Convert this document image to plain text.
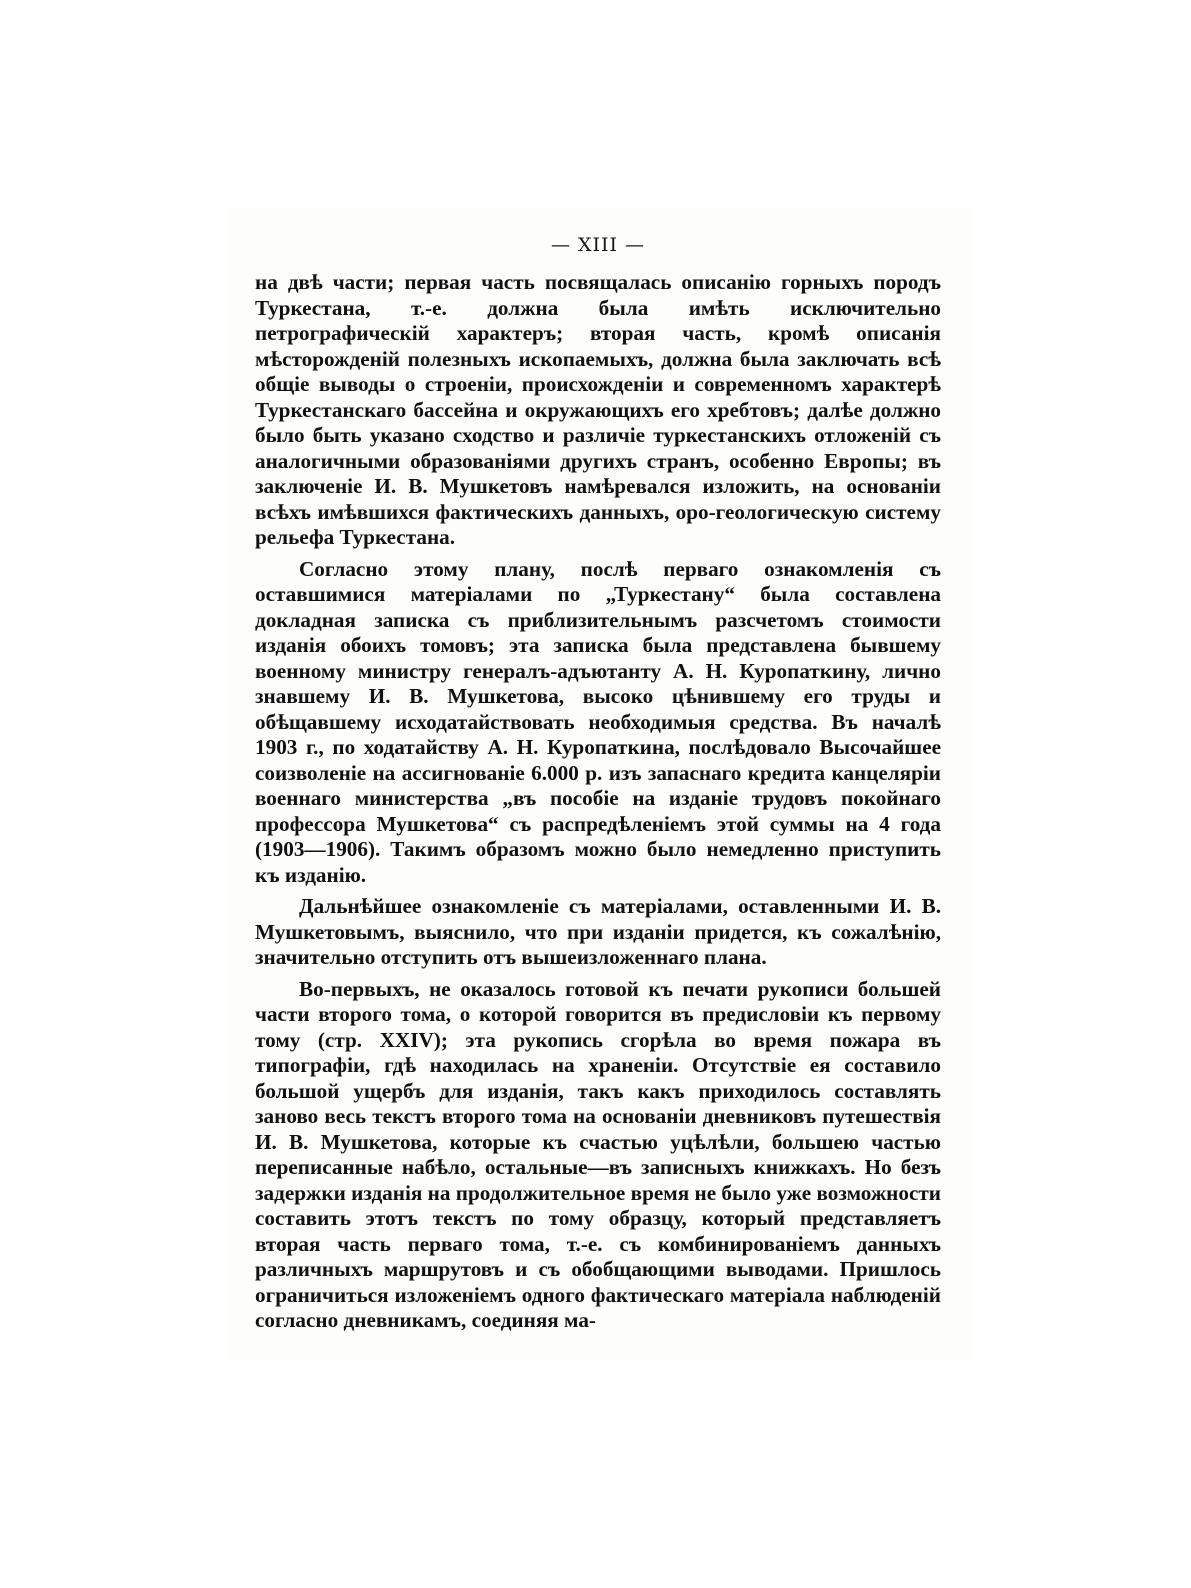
— XIII —

на двѣ части; первая часть посвящалась описанію горныхъ породъ Туркестана, т.-е. должна была имѣть исключительно петрографическій характеръ; вторая часть, кромѣ описанія мѣсторожденій полезныхъ ископаемыхъ, должна была заключать всѣ общіе выводы о строеніи, происхожденіи и современномъ характерѣ Туркестанскаго бассейна и окружающихъ его хребтовъ; далѣе должно было быть указано сходство и различіе туркестанскихъ отложеній съ аналогичными образованіями другихъ странъ, особенно Европы; въ заключеніе И. В. Мушкетовъ намѣревался изложить, на основаніи всѣхъ имѣвшихся фактическихъ данныхъ, оро-геологическую систему рельефа Туркестана.

Согласно этому плану, послѣ перваго ознакомленія съ оставшимися матеріалами по „Туркестану“ была составлена докладная записка съ приблизительнымъ разсчетомъ стоимости изданія обоихъ томовъ; эта записка была представлена бывшему военному министру генералъ-адъютанту А. Н. Куропаткину, лично знавшему И. В. Мушкетова, высоко цѣнившему его труды и обѣщавшему исходатайствовать необходимыя средства. Въ началѣ 1903 г., по ходатайству А. Н. Куропаткина, послѣдовало Высочайшее соизволеніе на ассигнованіе 6.000 р. изъ запаснаго кредита канцеляріи военнаго министерства „въ пособіе на изданіе трудовъ покойнаго профессора Мушкетова“ съ распредѣленіемъ этой суммы на 4 года (1903—1906). Такимъ образомъ можно было немедленно приступить къ изданію.

Дальнѣйшее ознакомленіе съ матеріалами, оставленными И. В. Мушкетовымъ, выяснило, что при изданіи придется, къ сожалѣнію, значительно отступить отъ вышеизложеннаго плана.

Во-первыхъ, не оказалось готовой къ печати рукописи большей части второго тома, о которой говорится въ предисловіи къ первому тому (стр. XXIV); эта рукопись сгорѣла во время пожара въ типографіи, гдѣ находилась на храненіи. Отсутствіе ея составило большой ущербъ для изданія, такъ какъ приходилось составлять заново весь текстъ второго тома на основаніи дневниковъ путешествія И. В. Мушкетова, которые къ счастью уцѣлѣли, большею частью переписанные набѣло, остальные—въ записныхъ книжкахъ. Но безъ задержки изданія на продолжительное время не было уже возможности составить этотъ текстъ по тому образцу, который представляетъ вторая часть перваго тома, т.-е. съ комбинированіемъ данныхъ различныхъ маршрутовъ и съ обобщающими выводами. Пришлось ограничиться изложеніемъ одного фактическаго матеріала наблюденій согласно дневникамъ, соединяя ма-
